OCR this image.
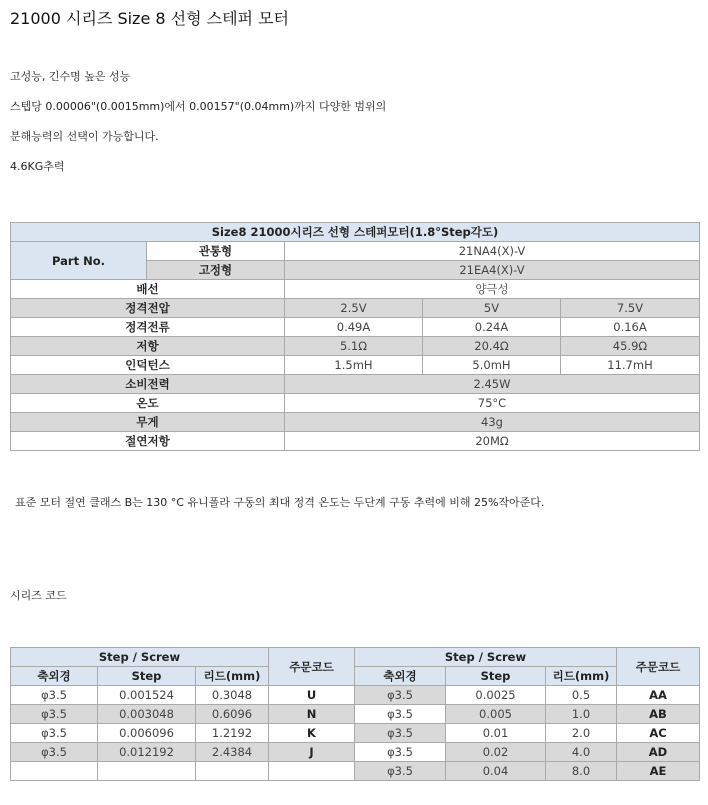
21000 시리즈 Size 8 선형 스테퍼 모터
고성능, 긴수명 높은 성능
스텝당 0.00006"(0.0015mm)에서 0.00157"(0.04mm)까지 다양한 범위의
분해능력의 선택이 가능합니다.
4.6KG추력
Size8 21000시리즈 선형 스테퍼모터(1.8°Step각도)				
Part No.	관통형	21NA4(X)-V		
	고정형	21EA4(X)-V		
배선		양극성		
정격전압		2.5V	5V	7.5V
정격전류		0.49A	0.24A	0.16A
저항		5.1Ω	20.4Ω	45.9Ω
인덕턴스		1.5mH	5.0mH	11.7mH
소비전력		2.45W		
온도		75°C		
무게		43g		
절연저항		20MΩ		
표준 모터 절연 클래스 B는 130 °C 유니폴라 구동의 최대 정격 온도는 두단계 구동 추력에 비해 25%작아준다.
시리즈 코드
Step / Screw			주문코드	Step / Screw			주문코드
축외경	Step	리드(mm)		축외경	Step	리드(mm)	
φ3.5	0.001524	0.3048	U	φ3.5	0.0025	0.5	AA
φ3.5	0.003048	0.6096	N	φ3.5	0.005	1.0	AB
φ3.5	0.006096	1.2192	K	φ3.5	0.01	2.0	AC
φ3.5	0.012192	2.4384	J	φ3.5	0.02	4.0	AD
				φ3.5	0.04	8.0	AE
